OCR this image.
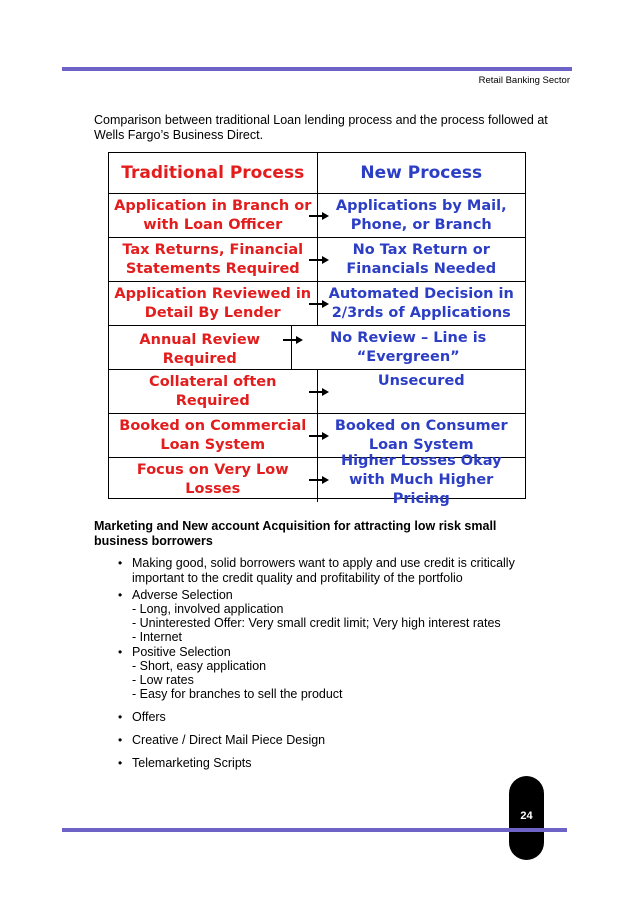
Retail Banking Sector
Comparison between traditional Loan lending process and the process followed at Wells Fargo’s Business Direct.
Traditional Process	New Process
Application in Branch or with Loan Officer
Applications by Mail, Phone, or Branch
Tax Returns, Financial Statements Required
No Tax Return or Financials Needed
Application Reviewed in Detail By Lender
Automated Decision in 2/3rds of Applications
Annual Review Required
No Review – Line is “Evergreen”
Collateral often Required
Unsecured
Booked on Commercial Loan System
Booked on Consumer Loan System
Focus on Very Low Losses
Higher Losses Okay with Much Higher Pricing
Marketing and New account Acquisition for attracting low risk small business borrowers
• Making good, solid borrowers want to apply and use credit is critically important to the credit quality and profitability of the portfolio
• Adverse Selection
- Long, involved application
- Uninterested Offer: Very small credit limit; Very high interest rates
- Internet
• Positive Selection
- Short, easy application
- Low rates
- Easy for branches to sell the product
• Offers
• Creative / Direct Mail Piece Design
• Telemarketing Scripts
24
